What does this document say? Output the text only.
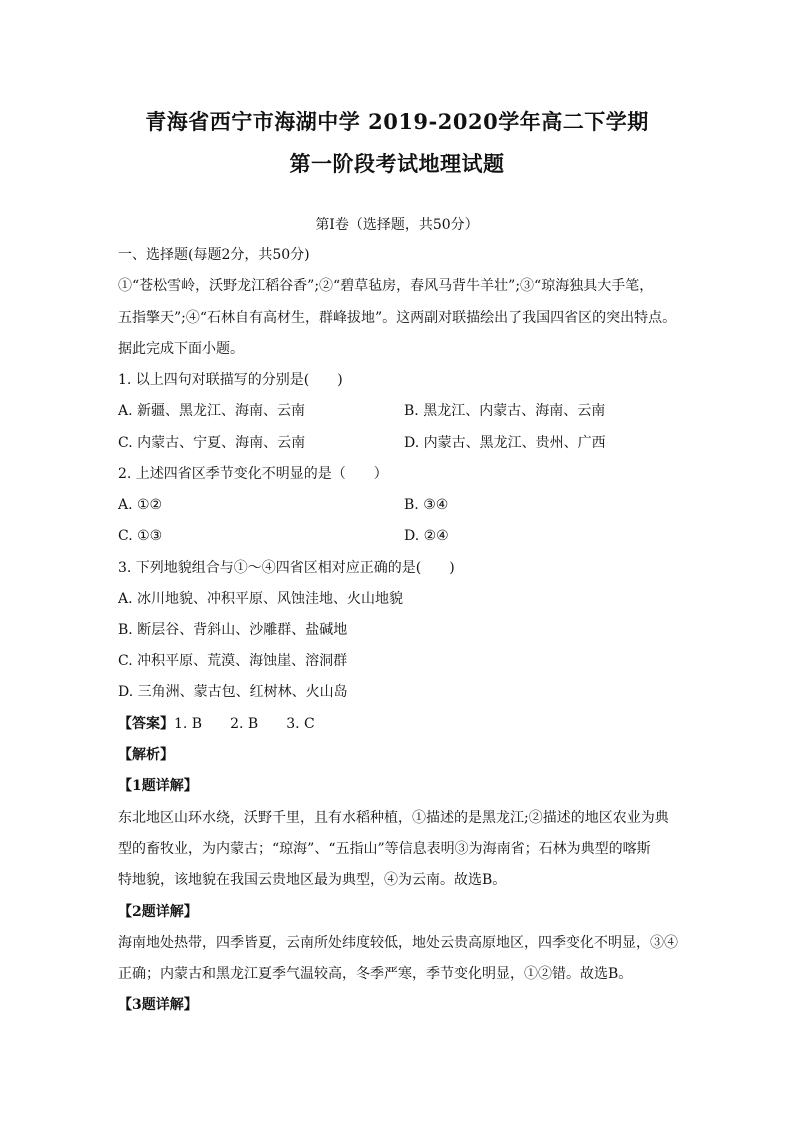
青海省西宁市海湖中学 2019-2020学年高二下学期
第一阶段考试地理试题
第Ⅰ卷（选择题，共50分）
一、选择题(每题2分，共50分)
①“苍松雪岭，沃野龙江稻谷香”;②“碧草毡房，春风马背牛羊壮”;③“琼海独具大手笔，
五指擎天”;④“石林自有高材生，群峰拔地”。这两副对联描绘出了我国四省区的突出特点。
据此完成下面小题。
1. 以上四句对联描写的分别是(　　)
A. 新疆、黑龙江、海南、云南	B. 黑龙江、内蒙古、海南、云南
C. 内蒙古、宁夏、海南、云南	D. 内蒙古、黑龙江、贵州、广西
2. 上述四省区季节变化不明显的是（　　）
A. ①②	B. ③④
C. ①③	D. ②④
3. 下列地貌组合与①～④四省区相对应正确的是(　　)
A. 冰川地貌、冲积平原、风蚀洼地、火山地貌
B. 断层谷、背斜山、沙雕群、盐碱地
C. 冲积平原、荒漠、海蚀崖、溶洞群
D. 三角洲、蒙古包、红树林、火山岛
【答案】1. B　　2. B　　3. C
【解析】
【1题详解】
东北地区山环水绕，沃野千里，且有水稻种植，①描述的是黑龙江;②描述的地区农业为典
型的畜牧业，为内蒙古；“琼海”、“五指山”等信息表明③为海南省；石林为典型的喀斯
特地貌，该地貌在我国云贵地区最为典型，④为云南。故选B。
【2题详解】
海南地处热带，四季皆夏，云南所处纬度较低，地处云贵高原地区，四季变化不明显，③④
正确；内蒙古和黑龙江夏季气温较高，冬季严寒，季节变化明显，①②错。故选B。
【3题详解】
